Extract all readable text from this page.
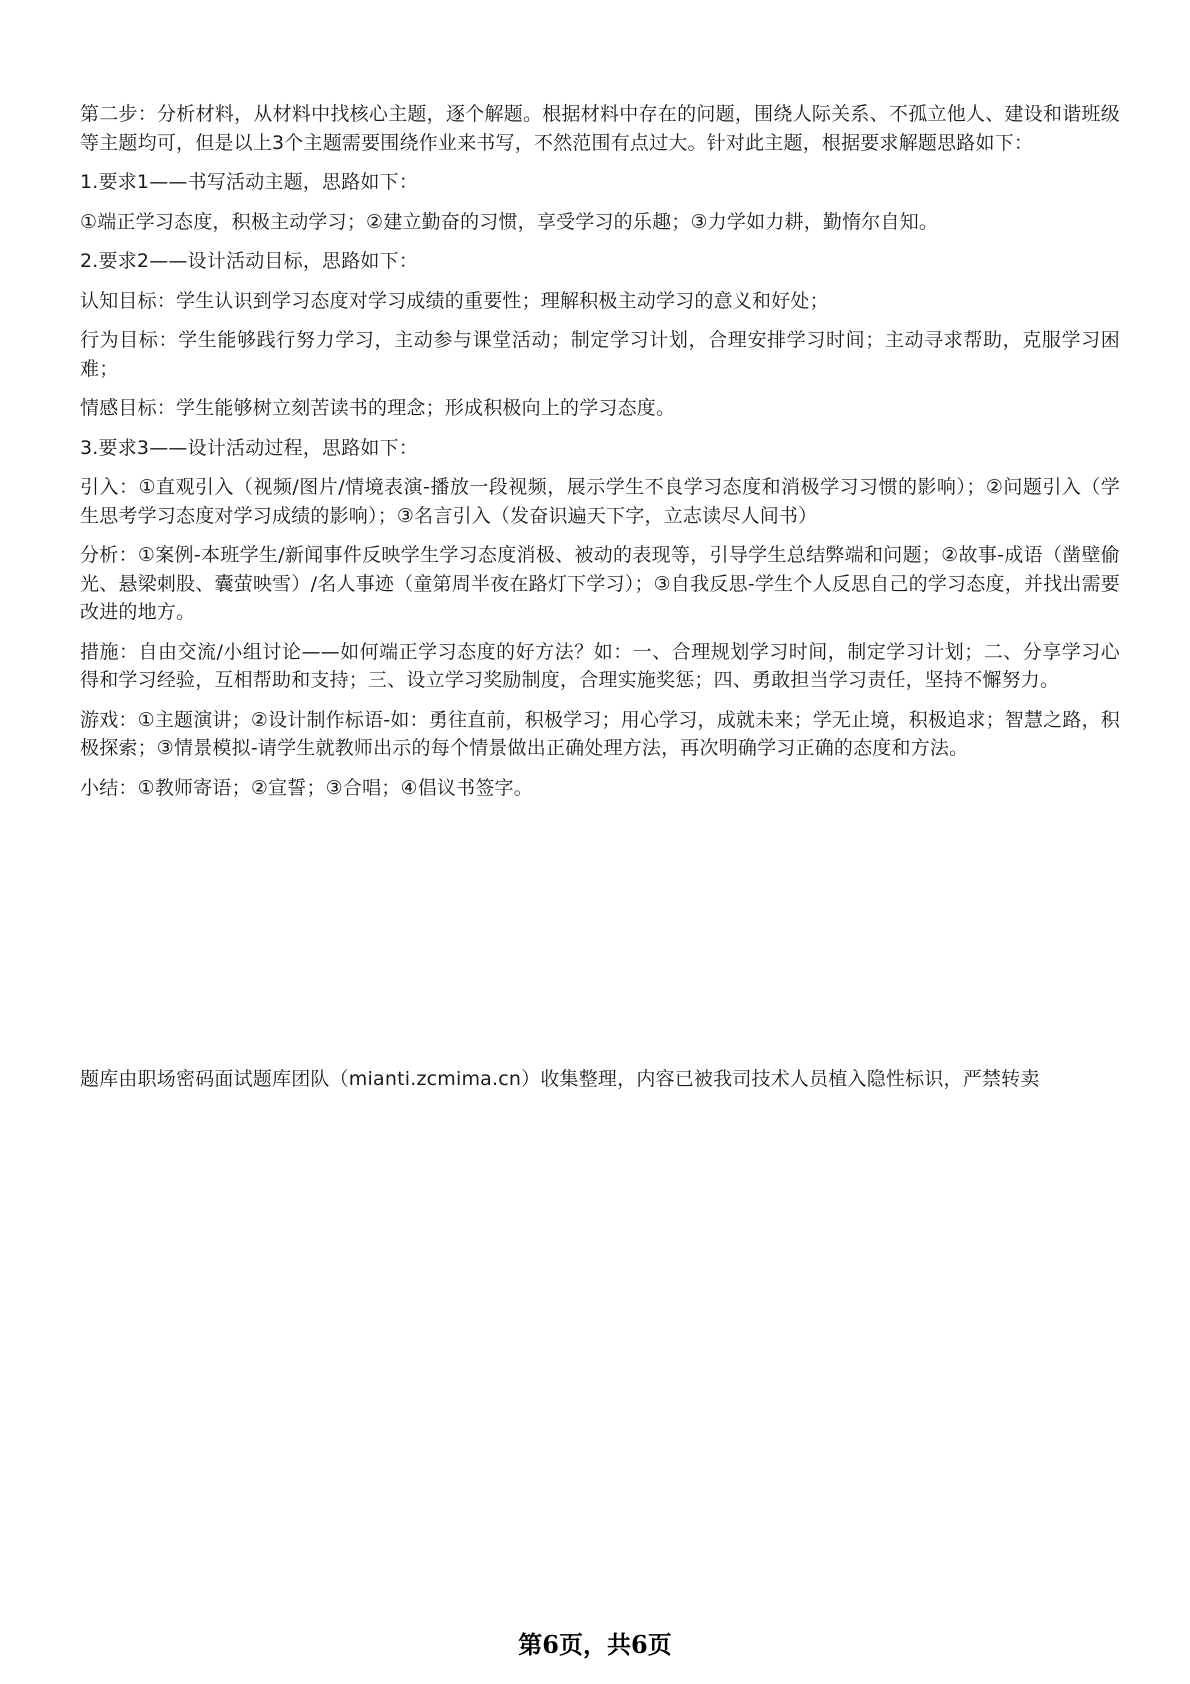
第二步：分析材料，从材料中找核心主题，逐个解题。根据材料中存在的问题，围绕人际关系、不孤立他人、建设和谐班级等主题均可，但是以上3个主题需要围绕作业来书写，不然范围有点过大。针对此主题，根据要求解题思路如下：

1.要求1——书写活动主题，思路如下：

①端正学习态度，积极主动学习；②建立勤奋的习惯，享受学习的乐趣；③力学如力耕，勤惰尔自知。

2.要求2——设计活动目标，思路如下：

认知目标：学生认识到学习态度对学习成绩的重要性；理解积极主动学习的意义和好处；

行为目标：学生能够践行努力学习，主动参与课堂活动；制定学习计划，合理安排学习时间；主动寻求帮助，克服学习困难；

情感目标：学生能够树立刻苦读书的理念；形成积极向上的学习态度。

3.要求3——设计活动过程，思路如下：

引入：①直观引入（视频/图片/情境表演-播放一段视频，展示学生不良学习态度和消极学习习惯的影响）；②问题引入（学生思考学习态度对学习成绩的影响）；③名言引入（发奋识遍天下字，立志读尽人间书）

分析：①案例-本班学生/新闻事件反映学生学习态度消极、被动的表现等，引导学生总结弊端和问题；②故事-成语（凿壁偷光、悬梁刺股、囊萤映雪）/名人事迹（童第周半夜在路灯下学习）；③自我反思-学生个人反思自己的学习态度，并找出需要改进的地方。

措施：自由交流/小组讨论——如何端正学习态度的好方法？如：一、合理规划学习时间，制定学习计划；二、分享学习心得和学习经验，互相帮助和支持；三、设立学习奖励制度，合理实施奖惩；四、勇敢担当学习责任，坚持不懈努力。

游戏：①主题演讲；②设计制作标语-如：勇往直前，积极学习；用心学习，成就未来；学无止境，积极追求；智慧之路，积极探索；③情景模拟-请学生就教师出示的每个情景做出正确处理方法，再次明确学习正确的态度和方法。

小结：①教师寄语；②宣誓；③合唱；④倡议书签字。

题库由职场密码面试题库团队（mianti.zcmima.cn）收集整理，内容已被我司技术人员植入隐性标识，严禁转卖
第6页，共6页
